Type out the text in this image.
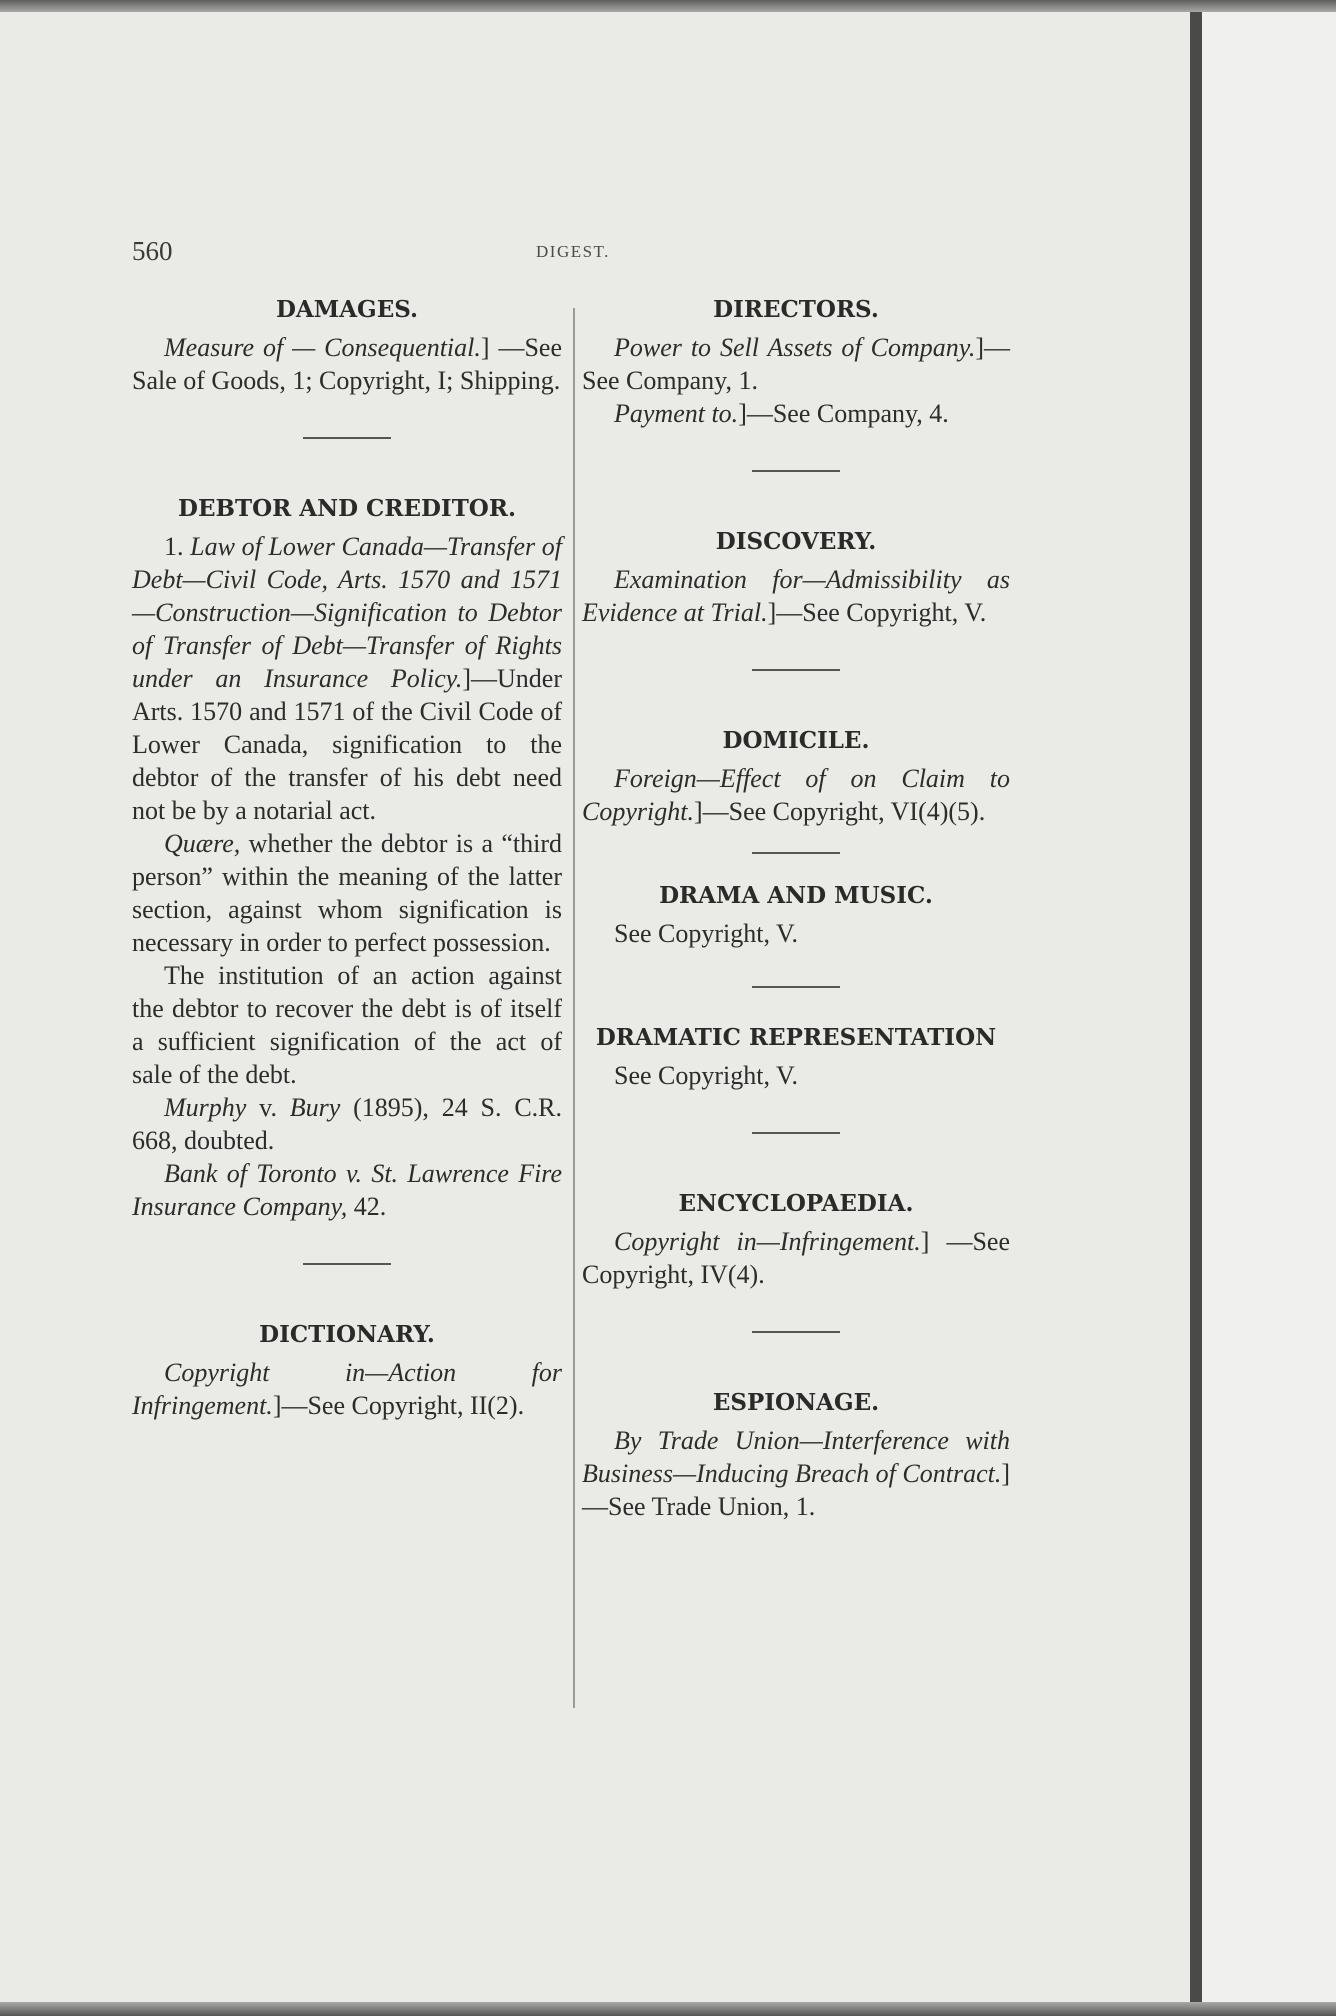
560	DIGEST.
DAMAGES.

Measure of — Consequential.] —See Sale of Goods, 1; Copyright, I; Shipping.

DEBTOR AND CREDITOR.

1. Law of Lower Canada—Transfer of Debt—Civil Code, Arts. 1570 and 1571—Construction—Signification to Debtor of Transfer of Debt—Transfer of Rights under an Insurance Policy.]—Under Arts. 1570 and 1571 of the Civil Code of Lower Canada, signification to the debtor of the transfer of his debt need not be by a notarial act.

Quære, whether the debtor is a “third person” within the meaning of the latter section, against whom signification is necessary in order to perfect possession.

The institution of an action against the debtor to recover the debt is of itself a sufficient signification of the act of sale of the debt.

Murphy v. Bury (1895), 24 S. C.R. 668, doubted.

Bank of Toronto v. St. Lawrence Fire Insurance Company, 42.

DICTIONARY.

Copyright in—Action for Infringement.]—See Copyright, II(2).

DIRECTORS.

Power to Sell Assets of Company.]—See Company, 1.

Payment to.]—See Company, 4.

DISCOVERY.

Examination for—Admissibility as Evidence at Trial.]—See Copyright, V.

DOMICILE.

Foreign—Effect of on Claim to Copyright.]—See Copyright, VI(4)(5).

DRAMA AND MUSIC.

See Copyright, V.

DRAMATIC REPRESENTATION

See Copyright, V.

ENCYCLOPAEDIA.

Copyright in—Infringement.] —See Copyright, IV(4).

ESPIONAGE.

By Trade Union—Interference with Business—Inducing Breach of Contract.]—See Trade Union, 1.
